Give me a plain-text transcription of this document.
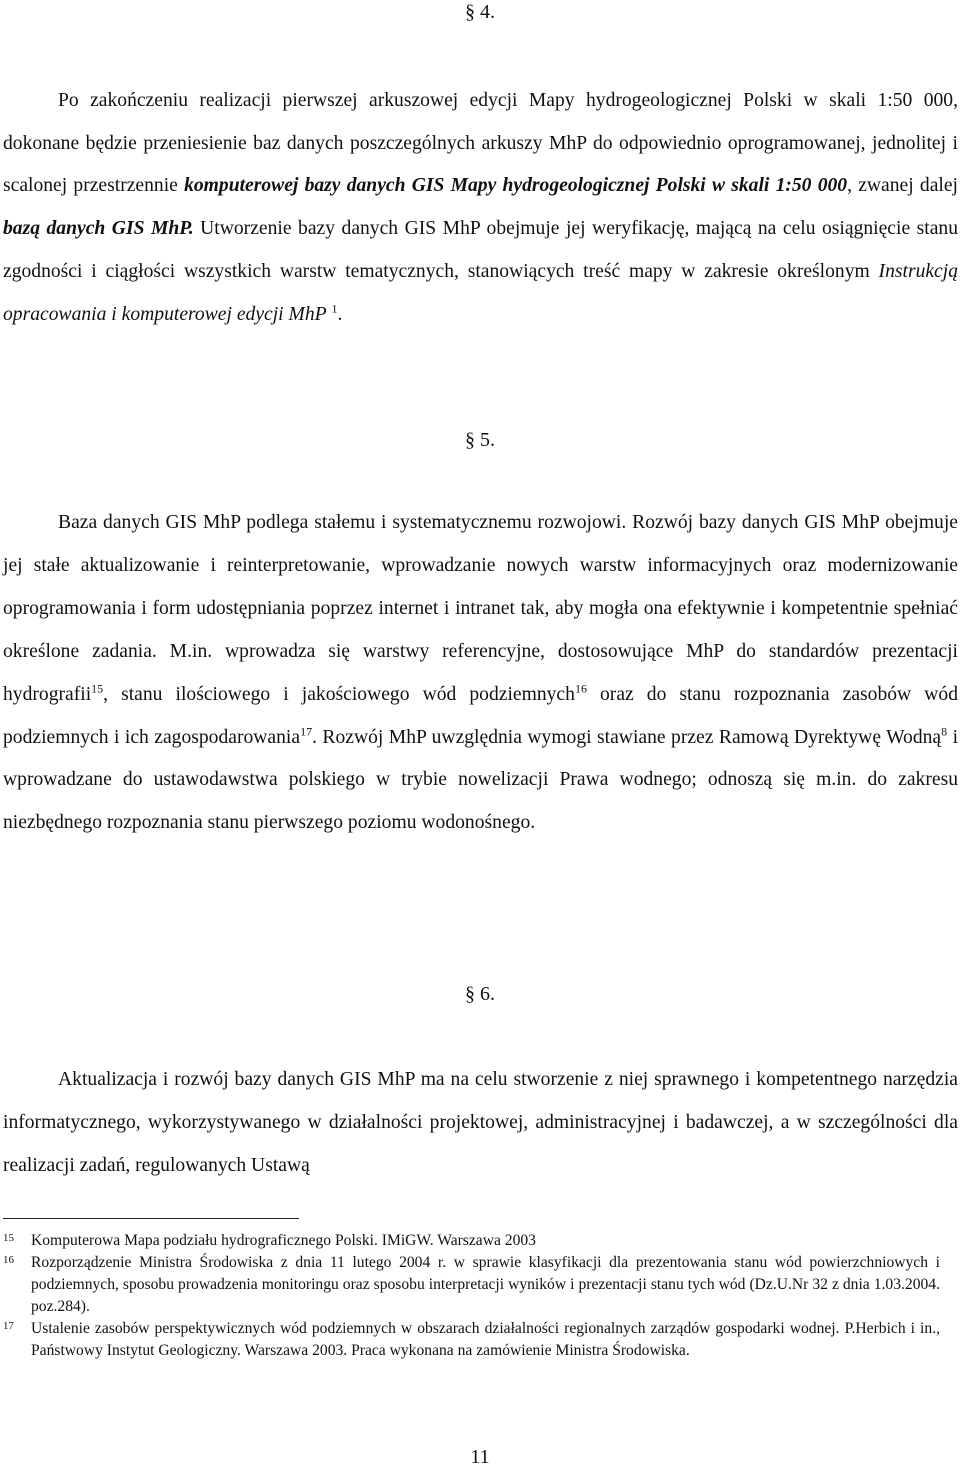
§ 4.

Po zakończeniu realizacji pierwszej arkuszowej edycji Mapy hydrogeologicznej Polski w skali 1:50 000, dokonane będzie przeniesienie baz danych poszczególnych arkuszy MhP do odpowiednio oprogramowanej, jednolitej i scalonej przestrzennie komputerowej bazy danych GIS Mapy hydrogeologicznej Polski w skali 1:50 000, zwanej dalej bazą danych GIS MhP. Utworzenie bazy danych GIS MhP obejmuje jej weryfikację, mającą na celu osiągnięcie stanu zgodności i ciągłości wszystkich warstw tematycznych, stanowiących treść mapy w zakresie określonym Instrukcją opracowania i komputerowej edycji MhP $^1$.

§ 5.

Baza danych GIS MhP podlega stałemu i systematycznemu rozwojowi. Rozwój bazy danych GIS MhP obejmuje jej stałe aktualizowanie i reinterpretowanie, wprowadzanie nowych warstw informacyjnych oraz modernizowanie oprogramowania i form udostępniania poprzez internet i intranet tak, aby mogła ona efektywnie i kompetentnie spełniać określone zadania. M.in. wprowadza się warstwy referencyjne, dostosowujące MhP do standardów prezentacji hydrografii$^{15}$, stanu ilościowego i jakościowego wód podziemnych$^{16}$ oraz do stanu rozpoznania zasobów wód podziemnych i ich zagospodarowania$^{17}$. Rozwój MhP uwzględnia wymogi stawiane przez Ramową Dyrektywę Wodną$^8$ i wprowadzane do ustawodawstwa polskiego w trybie nowelizacji Prawa wodnego; odnoszą się m.in. do zakresu niezbędnego rozpoznania stanu pierwszego poziomu wodonośnego.

§ 6.

Aktualizacja i rozwój bazy danych GIS MhP ma na celu stworzenie z niej sprawnego i kompetentnego narzędzia informatycznego, wykorzystywanego w działalności projektowej, administracyjnej i badawczej, a w szczególności dla realizacji zadań, regulowanych Ustawą

15 Komputerowa Mapa podziału hydrograficznego Polski. IMiGW. Warszawa 2003

16 Rozporządzenie Ministra Środowiska z dnia 11 lutego 2004 r. w sprawie klasyfikacji dla prezentowania stanu wód powierzchniowych i podziemnych, sposobu prowadzenia monitoringu oraz sposobu interpretacji wyników i prezentacji stanu tych wód (Dz.U.Nr 32 z dnia 1.03.2004. poz.284).

17 Ustalenie zasobów perspektywicznych wód podziemnych w obszarach działalności regionalnych zarządów gospodarki wodnej. P.Herbich i in., Państwowy Instytut Geologiczny. Warszawa 2003. Praca wykonana na zamówienie Ministra Środowiska.

11
